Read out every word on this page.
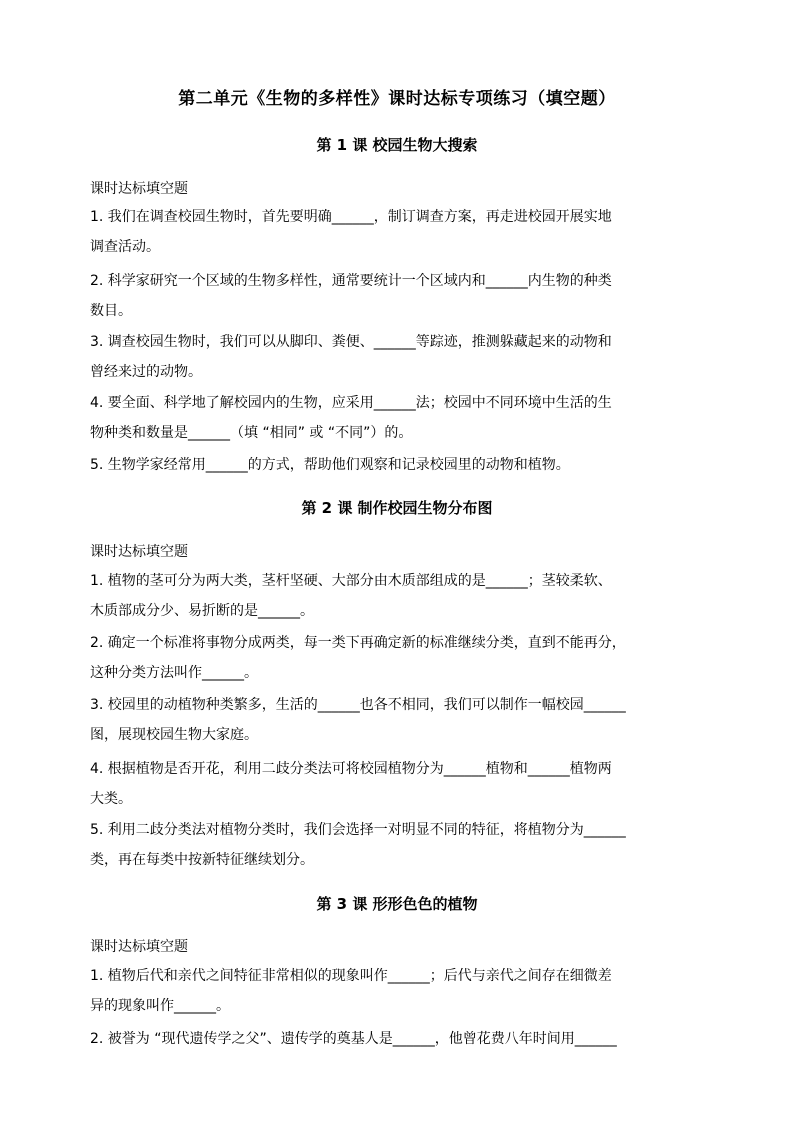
第二单元《生物的多样性》课时达标专项练习（填空题）
第 1 课 校园生物大搜索
课时达标填空题
1. 我们在调查校园生物时，首先要明确______，制订调查方案，再走进校园开展实地
调查活动。
2. 科学家研究一个区域的生物多样性，通常要统计一个区域内和______内生物的种类
数目。
3. 调查校园生物时，我们可以从脚印、粪便、______等踪迹，推测躲藏起来的动物和
曾经来过的动物。
4. 要全面、科学地了解校园内的生物，应采用______法；校园中不同环境中生活的生
物种类和数量是______（填 “相同” 或 “不同”）的。
5. 生物学家经常用______的方式，帮助他们观察和记录校园里的动物和植物。
第 2 课 制作校园生物分布图
课时达标填空题
1. 植物的茎可分为两大类，茎杆坚硬、大部分由木质部组成的是______；茎较柔软、
木质部成分少、易折断的是______。
2. 确定一个标准将事物分成两类，每一类下再确定新的标准继续分类，直到不能再分，
这种分类方法叫作______。
3. 校园里的动植物种类繁多，生活的______也各不相同，我们可以制作一幅校园______
图，展现校园生物大家庭。
4. 根据植物是否开花，利用二歧分类法可将校园植物分为______植物和______植物两
大类。
5. 利用二歧分类法对植物分类时，我们会选择一对明显不同的特征，将植物分为______
类，再在每类中按新特征继续划分。
第 3 课 形形色色的植物
课时达标填空题
1. 植物后代和亲代之间特征非常相似的现象叫作______；后代与亲代之间存在细微差
异的现象叫作______。
2. 被誉为 “现代遗传学之父”、遗传学的奠基人是______，他曾花费八年时间用______
